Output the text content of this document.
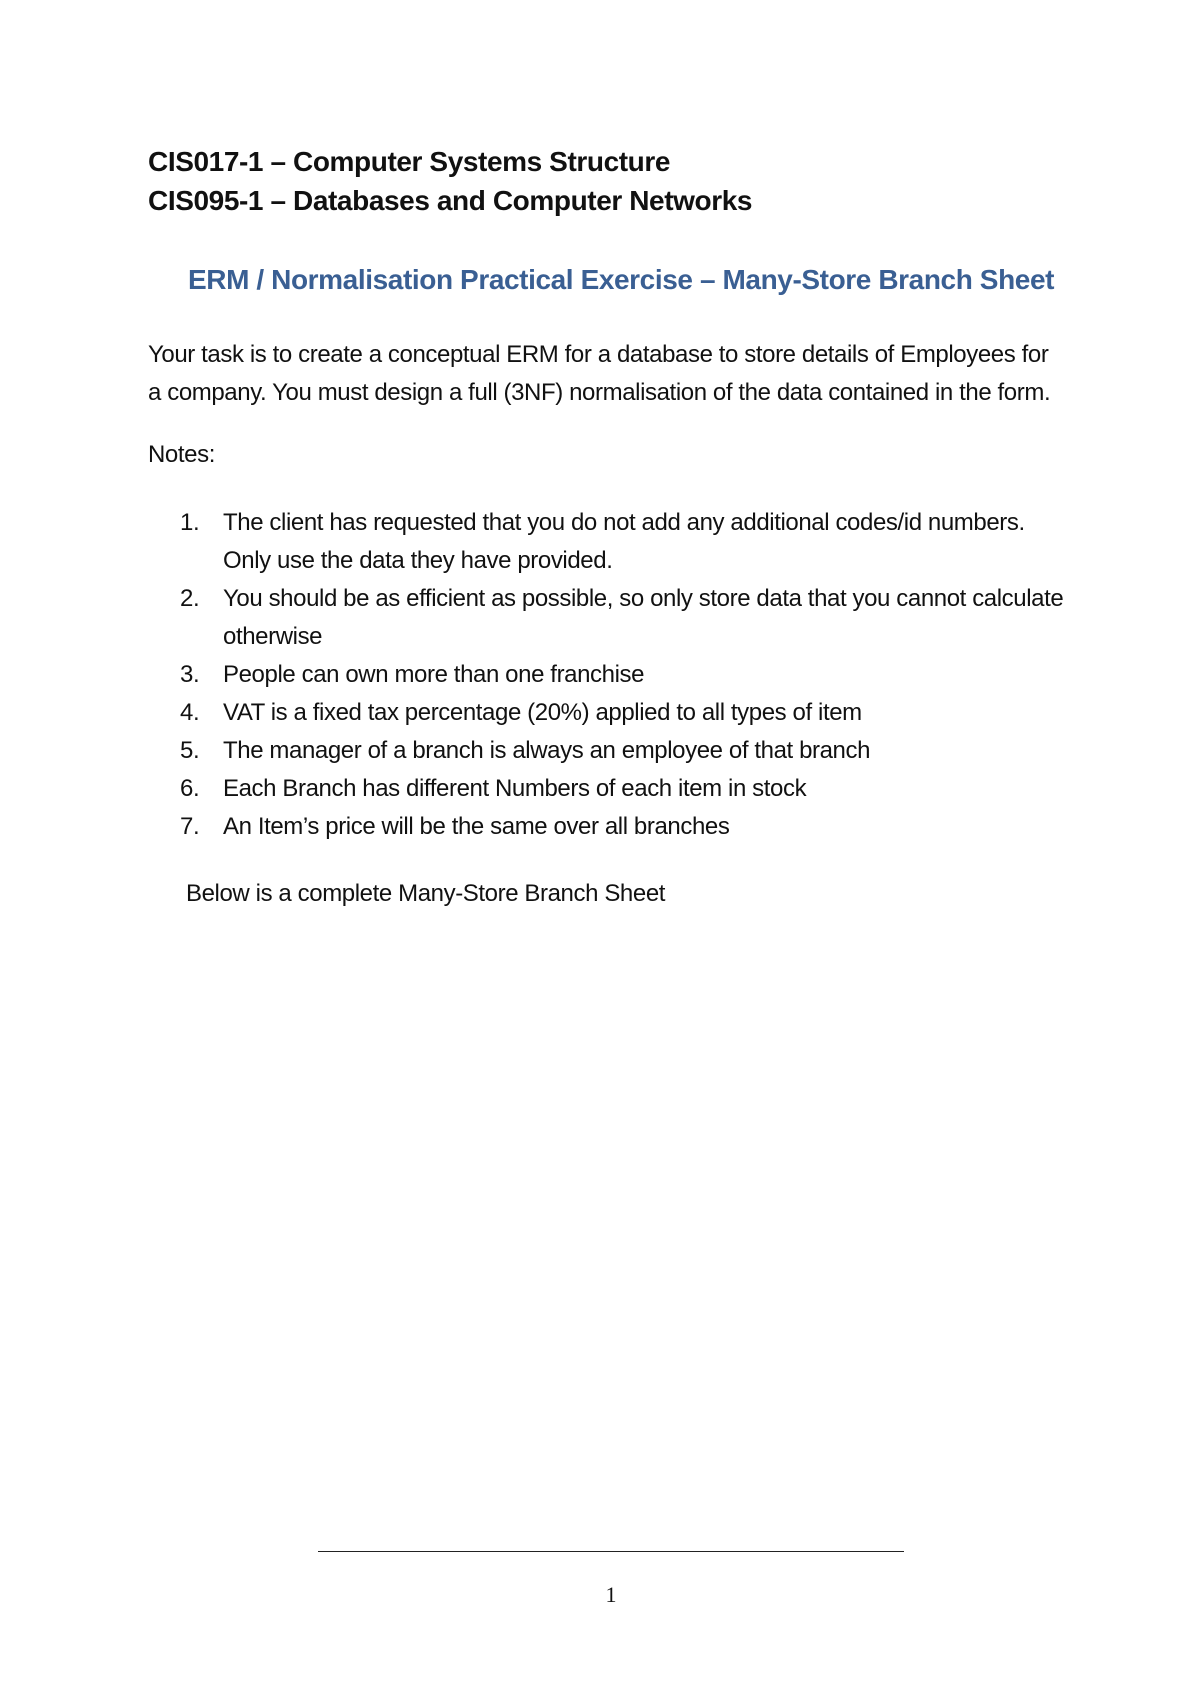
CIS017-1 – Computer Systems Structure
CIS095-1 – Databases and Computer Networks
ERM / Normalisation Practical Exercise – Many-Store Branch Sheet

Your task is to create a conceptual ERM for a database to store details of Employees for

a company. You must design a full (3NF) normalisation of the data contained in the form.

Notes:
1. The client has requested that you do not add any additional codes/id numbers.
Only use the data they have provided.
2. You should be as efficient as possible, so only store data that you cannot calculate
otherwise
3. People can own more than one franchise
4. VAT is a fixed tax percentage (20%) applied to all types of item
5. The manager of a branch is always an employee of that branch
6. Each Branch has different Numbers of each item in stock
7. An Item’s price will be the same over all branches
Below is a complete Many-Store Branch Sheet
1
